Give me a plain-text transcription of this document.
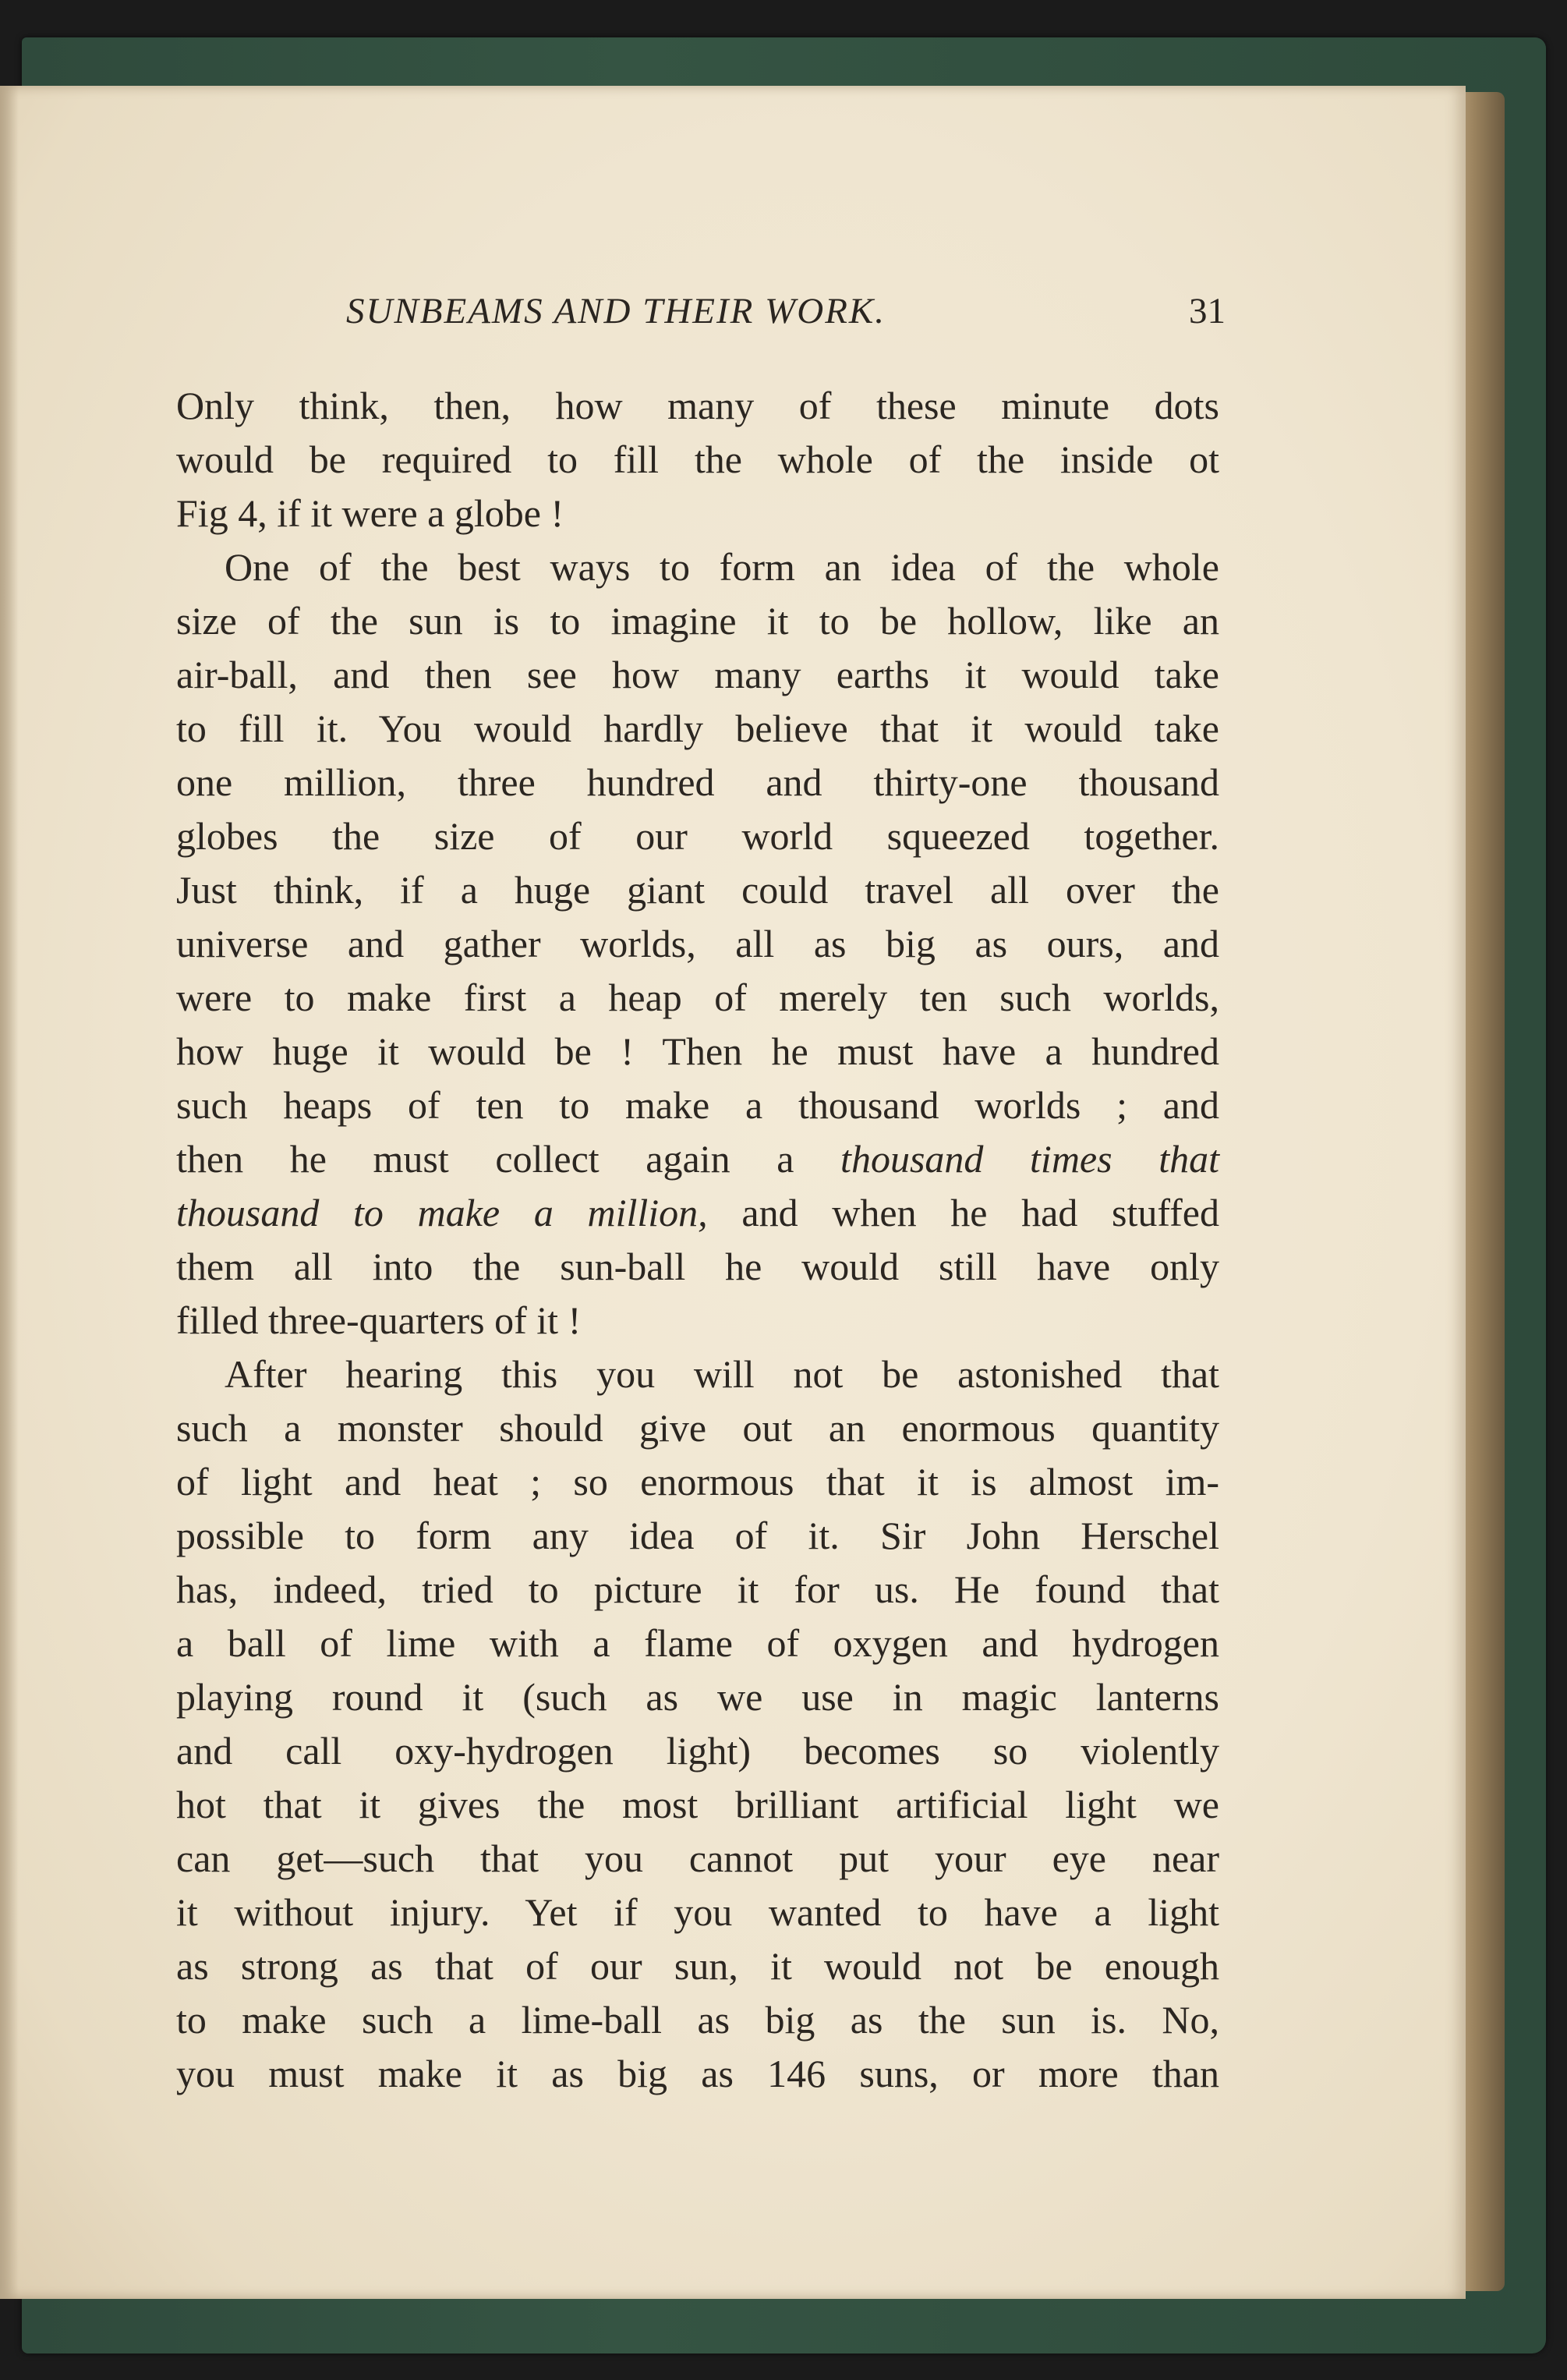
SUNBEAMS AND THEIR WORK.	31
Only think, then, how many of these minute dots
would be required to fill the whole of the inside ot
Fig 4, if it were a globe !
One of the best ways to form an idea of the whole
size of the sun is to imagine it to be hollow, like an
air-ball, and then see how many earths it would take
to fill it. You would hardly believe that it would take
one million, three hundred and thirty-one thousand
globes the size of our world squeezed together.
Just think, if a huge giant could travel all over the
universe and gather worlds, all as big as ours, and
were to make first a heap of merely ten such worlds,
how huge it would be ! Then he must have a hundred
such heaps of ten to make a thousand worlds ; and
then he must collect again a thousand times that
thousand to make a million, and when he had stuffed
them all into the sun-ball he would still have only
filled three-quarters of it !
After hearing this you will not be astonished that
such a monster should give out an enormous quantity
of light and heat ; so enormous that it is almost im-
possible to form any idea of it. Sir John Herschel
has, indeed, tried to picture it for us. He found that
a ball of lime with a flame of oxygen and hydrogen
playing round it (such as we use in magic lanterns
and call oxy-hydrogen light) becomes so violently
hot that it gives the most brilliant artificial light we
can get—such that you cannot put your eye near
it without injury. Yet if you wanted to have a light
as strong as that of our sun, it would not be enough
to make such a lime-ball as big as the sun is. No,
you must make it as big as 146 suns, or more than
